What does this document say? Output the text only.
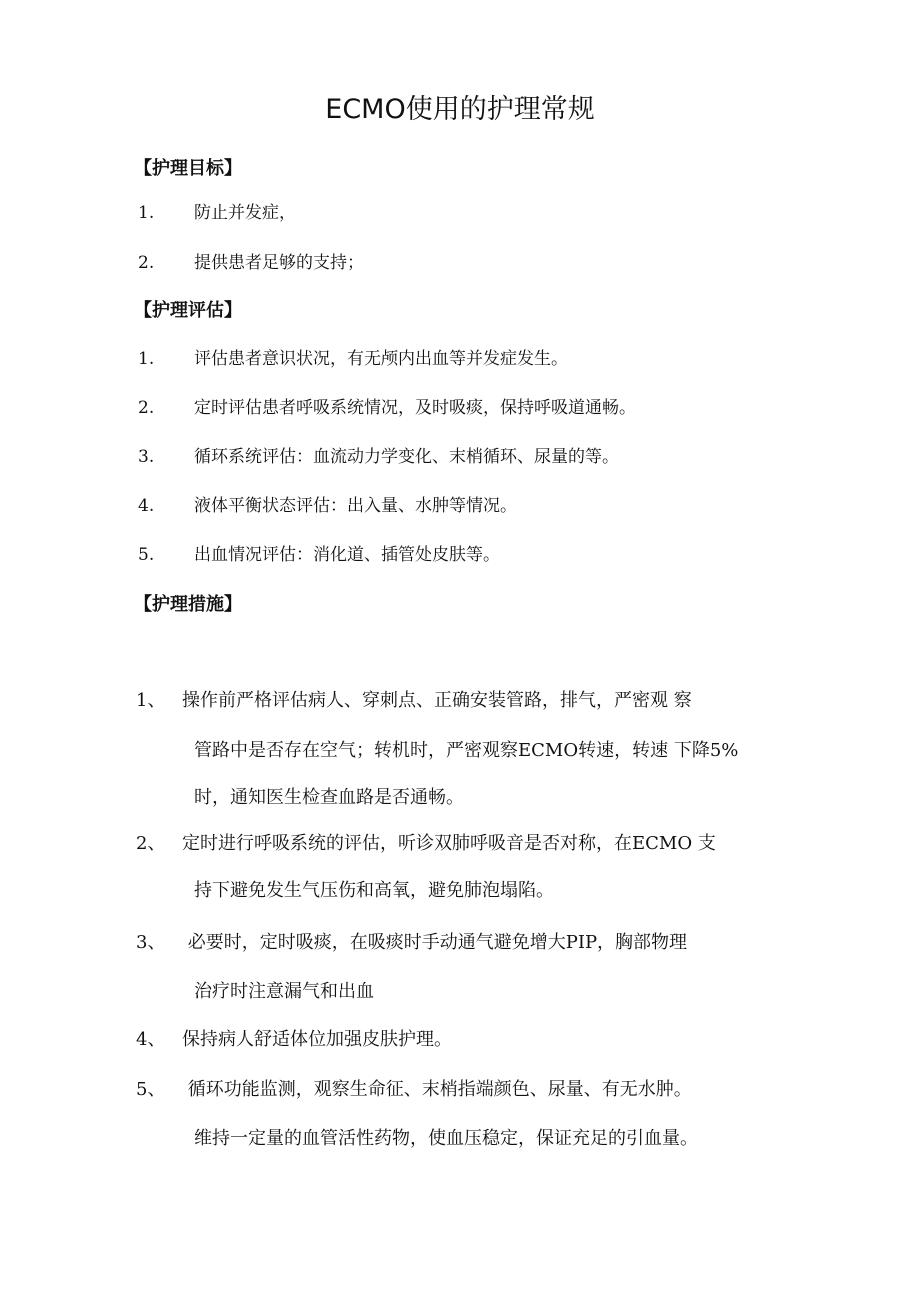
ECMO使用的护理常规
【护理目标】
1. 防止并发症，
2. 提供患者足够的支持；
【护理评估】
1. 评估患者意识状况，有无颅内出血等并发症发生。
2. 定时评估患者呼吸系统情况，及时吸痰，保持呼吸道通畅。
3. 循环系统评估：血流动力学变化、末梢循环、尿量的等。
4. 液体平衡状态评估：出入量、水肿等情况。
5. 出血情况评估：消化道、插管处皮肤等。
【护理措施】
1、 操作前严格评估病人、穿刺点、正确安装管路，排气，严密观 察
管路中是否存在空气；转机时，严密观察ECMO转速，转速 下降5%
时，通知医生检查血路是否通畅。
2、 定时进行呼吸系统的评估，听诊双肺呼吸音是否对称，在ECMO 支
持下避免发生气压伤和高氧，避免肺泡塌陷。
3、 必要时，定时吸痰，在吸痰时手动通气避免增大PIP，胸部物理
治疗时注意漏气和出血
4、 保持病人舒适体位加强皮肤护理。
5、 循环功能监测，观察生命征、末梢指端颜色、尿量、有无水肿。
维持一定量的血管活性药物，使血压稳定，保证充足的引血量。
